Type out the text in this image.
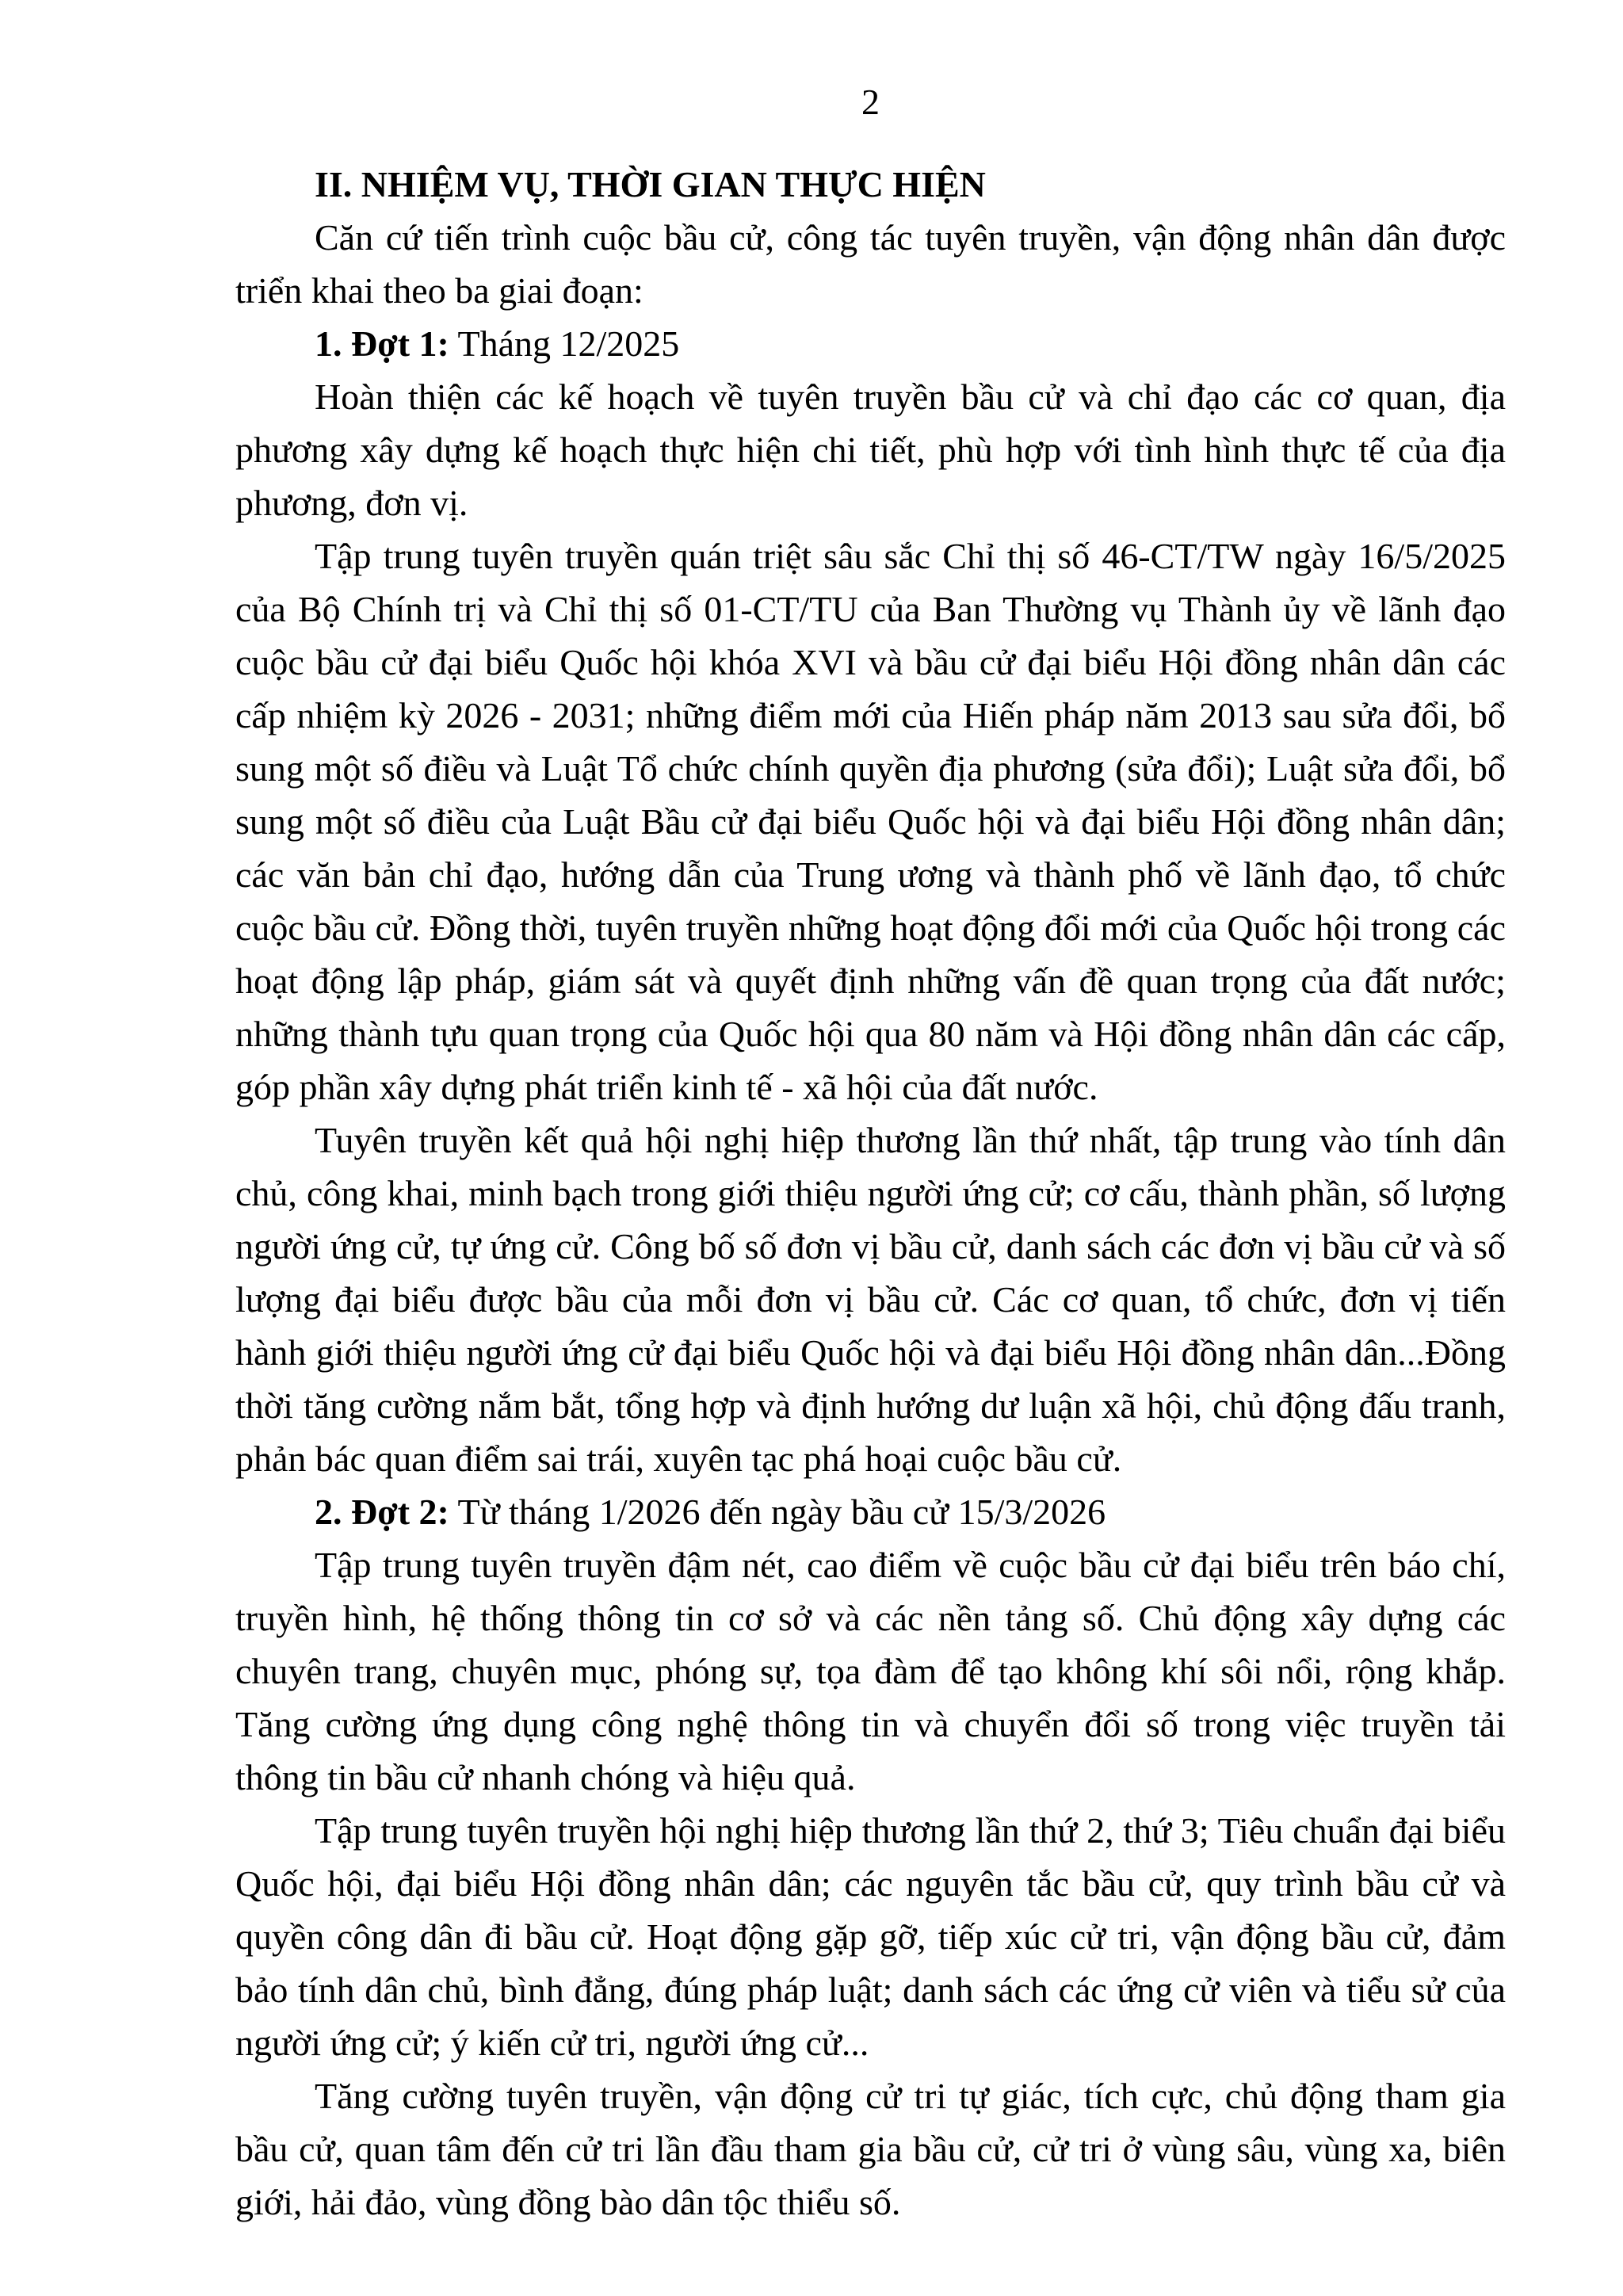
2
II. NHIỆM VỤ, THỜI GIAN THỰC HIỆN

Căn cứ tiến trình cuộc bầu cử, công tác tuyên truyền, vận động nhân dân được triển khai theo ba giai đoạn:

1. Đợt 1: Tháng 12/2025

Hoàn thiện các kế hoạch về tuyên truyền bầu cử và chỉ đạo các cơ quan, địa phương xây dựng kế hoạch thực hiện chi tiết, phù hợp với tình hình thực tế của địa phương, đơn vị.

Tập trung tuyên truyền quán triệt sâu sắc Chỉ thị số 46-CT/TW ngày 16/5/2025 của Bộ Chính trị và Chỉ thị số 01-CT/TU của Ban Thường vụ Thành ủy về lãnh đạo cuộc bầu cử đại biểu Quốc hội khóa XVI và bầu cử đại biểu Hội đồng nhân dân các cấp nhiệm kỳ 2026 - 2031; những điểm mới của Hiến pháp năm 2013 sau sửa đổi, bổ sung một số điều và Luật Tổ chức chính quyền địa phương (sửa đổi); Luật sửa đổi, bổ sung một số điều của Luật Bầu cử đại biểu Quốc hội và đại biểu Hội đồng nhân dân; các văn bản chỉ đạo, hướng dẫn của Trung ương và thành phố về lãnh đạo, tổ chức cuộc bầu cử. Đồng thời, tuyên truyền những hoạt động đổi mới của Quốc hội trong các hoạt động lập pháp, giám sát và quyết định những vấn đề quan trọng của đất nước; những thành tựu quan trọng của Quốc hội qua 80 năm và Hội đồng nhân dân các cấp, góp phần xây dựng phát triển kinh tế - xã hội của đất nước.

Tuyên truyền kết quả hội nghị hiệp thương lần thứ nhất, tập trung vào tính dân chủ, công khai, minh bạch trong giới thiệu người ứng cử; cơ cấu, thành phần, số lượng người ứng cử, tự ứng cử. Công bố số đơn vị bầu cử, danh sách các đơn vị bầu cử và số lượng đại biểu được bầu của mỗi đơn vị bầu cử. Các cơ quan, tổ chức, đơn vị tiến hành giới thiệu người ứng cử đại biểu Quốc hội và đại biểu Hội đồng nhân dân...Đồng thời tăng cường nắm bắt, tổng hợp và định hướng dư luận xã hội, chủ động đấu tranh, phản bác quan điểm sai trái, xuyên tạc phá hoại cuộc bầu cử.

2. Đợt 2: Từ tháng 1/2026 đến ngày bầu cử 15/3/2026

Tập trung tuyên truyền đậm nét, cao điểm về cuộc bầu cử đại biểu trên báo chí, truyền hình, hệ thống thông tin cơ sở và các nền tảng số. Chủ động xây dựng các chuyên trang, chuyên mục, phóng sự, tọa đàm để tạo không khí sôi nổi, rộng khắp. Tăng cường ứng dụng công nghệ thông tin và chuyển đổi số trong việc truyền tải thông tin bầu cử nhanh chóng và hiệu quả.

Tập trung tuyên truyền hội nghị hiệp thương lần thứ 2, thứ 3; Tiêu chuẩn đại biểu Quốc hội, đại biểu Hội đồng nhân dân; các nguyên tắc bầu cử, quy trình bầu cử và quyền công dân đi bầu cử. Hoạt động gặp gỡ, tiếp xúc cử tri, vận động bầu cử, đảm bảo tính dân chủ, bình đẳng, đúng pháp luật; danh sách các ứng cử viên và tiểu sử của người ứng cử; ý kiến cử tri, người ứng cử...

Tăng cường tuyên truyền, vận động cử tri tự giác, tích cực, chủ động tham gia bầu cử, quan tâm đến cử tri lần đầu tham gia bầu cử, cử tri ở vùng sâu, vùng xa, biên giới, hải đảo, vùng đồng bào dân tộc thiểu số.
